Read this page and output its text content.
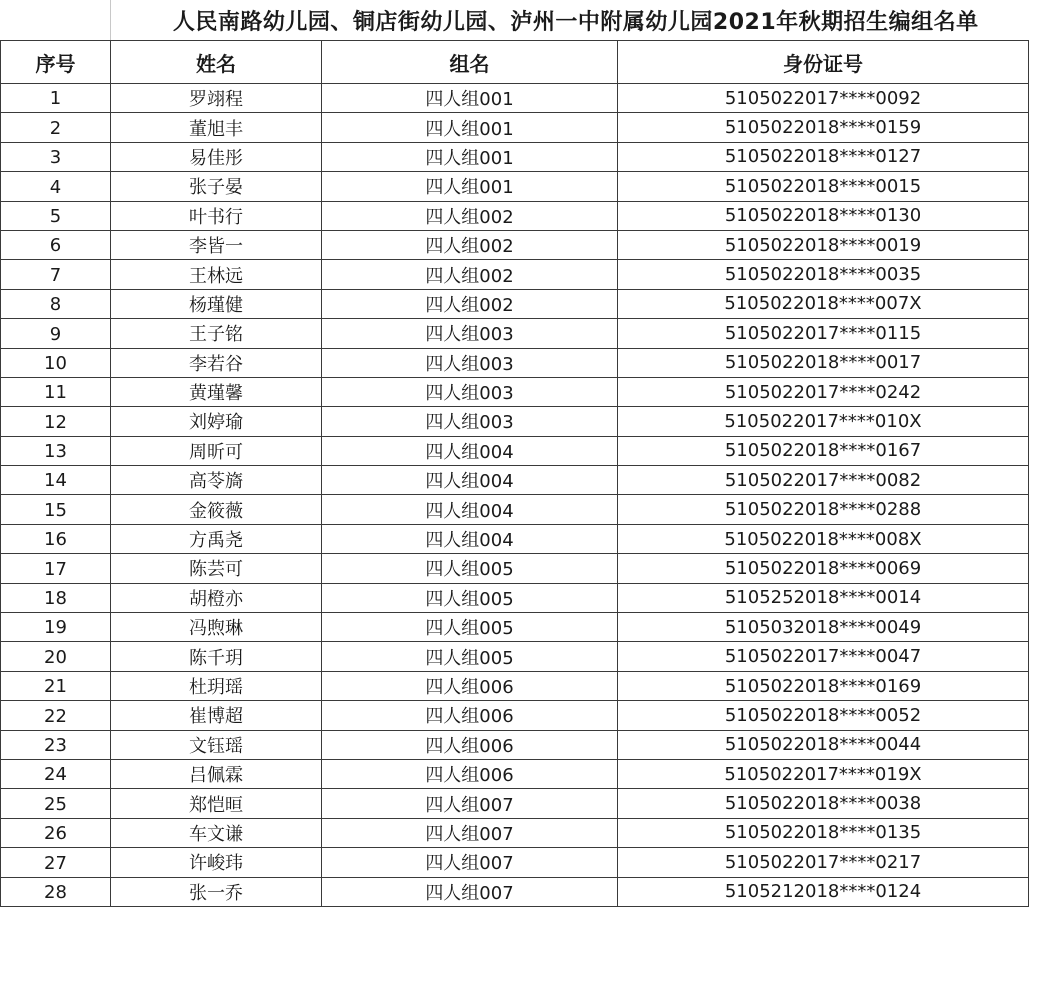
	人民南路幼儿园、铜店街幼儿园、泸州一中附属幼儿园2021年秋期招生编组名单		
序号	姓名	组名	身份证号
1	罗翊程	四人组001	5105022017****0092
2	董旭丰	四人组001	5105022018****0159
3	易佳彤	四人组001	5105022018****0127
4	张子晏	四人组001	5105022018****0015
5	叶书行	四人组002	5105022018****0130
6	李皆一	四人组002	5105022018****0019
7	王林远	四人组002	5105022018****0035
8	杨瑾健	四人组002	5105022018****007X
9	王子铭	四人组003	5105022017****0115
10	李若谷	四人组003	5105022018****0017
11	黄瑾馨	四人组003	5105022017****0242
12	刘婷瑜	四人组003	5105022017****010X
13	周昕可	四人组004	5105022018****0167
14	高苓旖	四人组004	5105022017****0082
15	金筱薇	四人组004	5105022018****0288
16	方禹尧	四人组004	5105022018****008X
17	陈芸可	四人组005	5105022018****0069
18	胡橙亦	四人组005	5105252018****0014
19	冯煦琳	四人组005	5105032018****0049
20	陈千玥	四人组005	5105022017****0047
21	杜玥瑶	四人组006	5105022018****0169
22	崔博超	四人组006	5105022018****0052
23	文钰瑶	四人组006	5105022018****0044
24	吕佩霖	四人组006	5105022017****019X
25	郑恺晅	四人组007	5105022018****0038
26	车文谦	四人组007	5105022018****0135
27	许峻玮	四人组007	5105022017****0217
28	张一乔	四人组007	5105212018****0124
